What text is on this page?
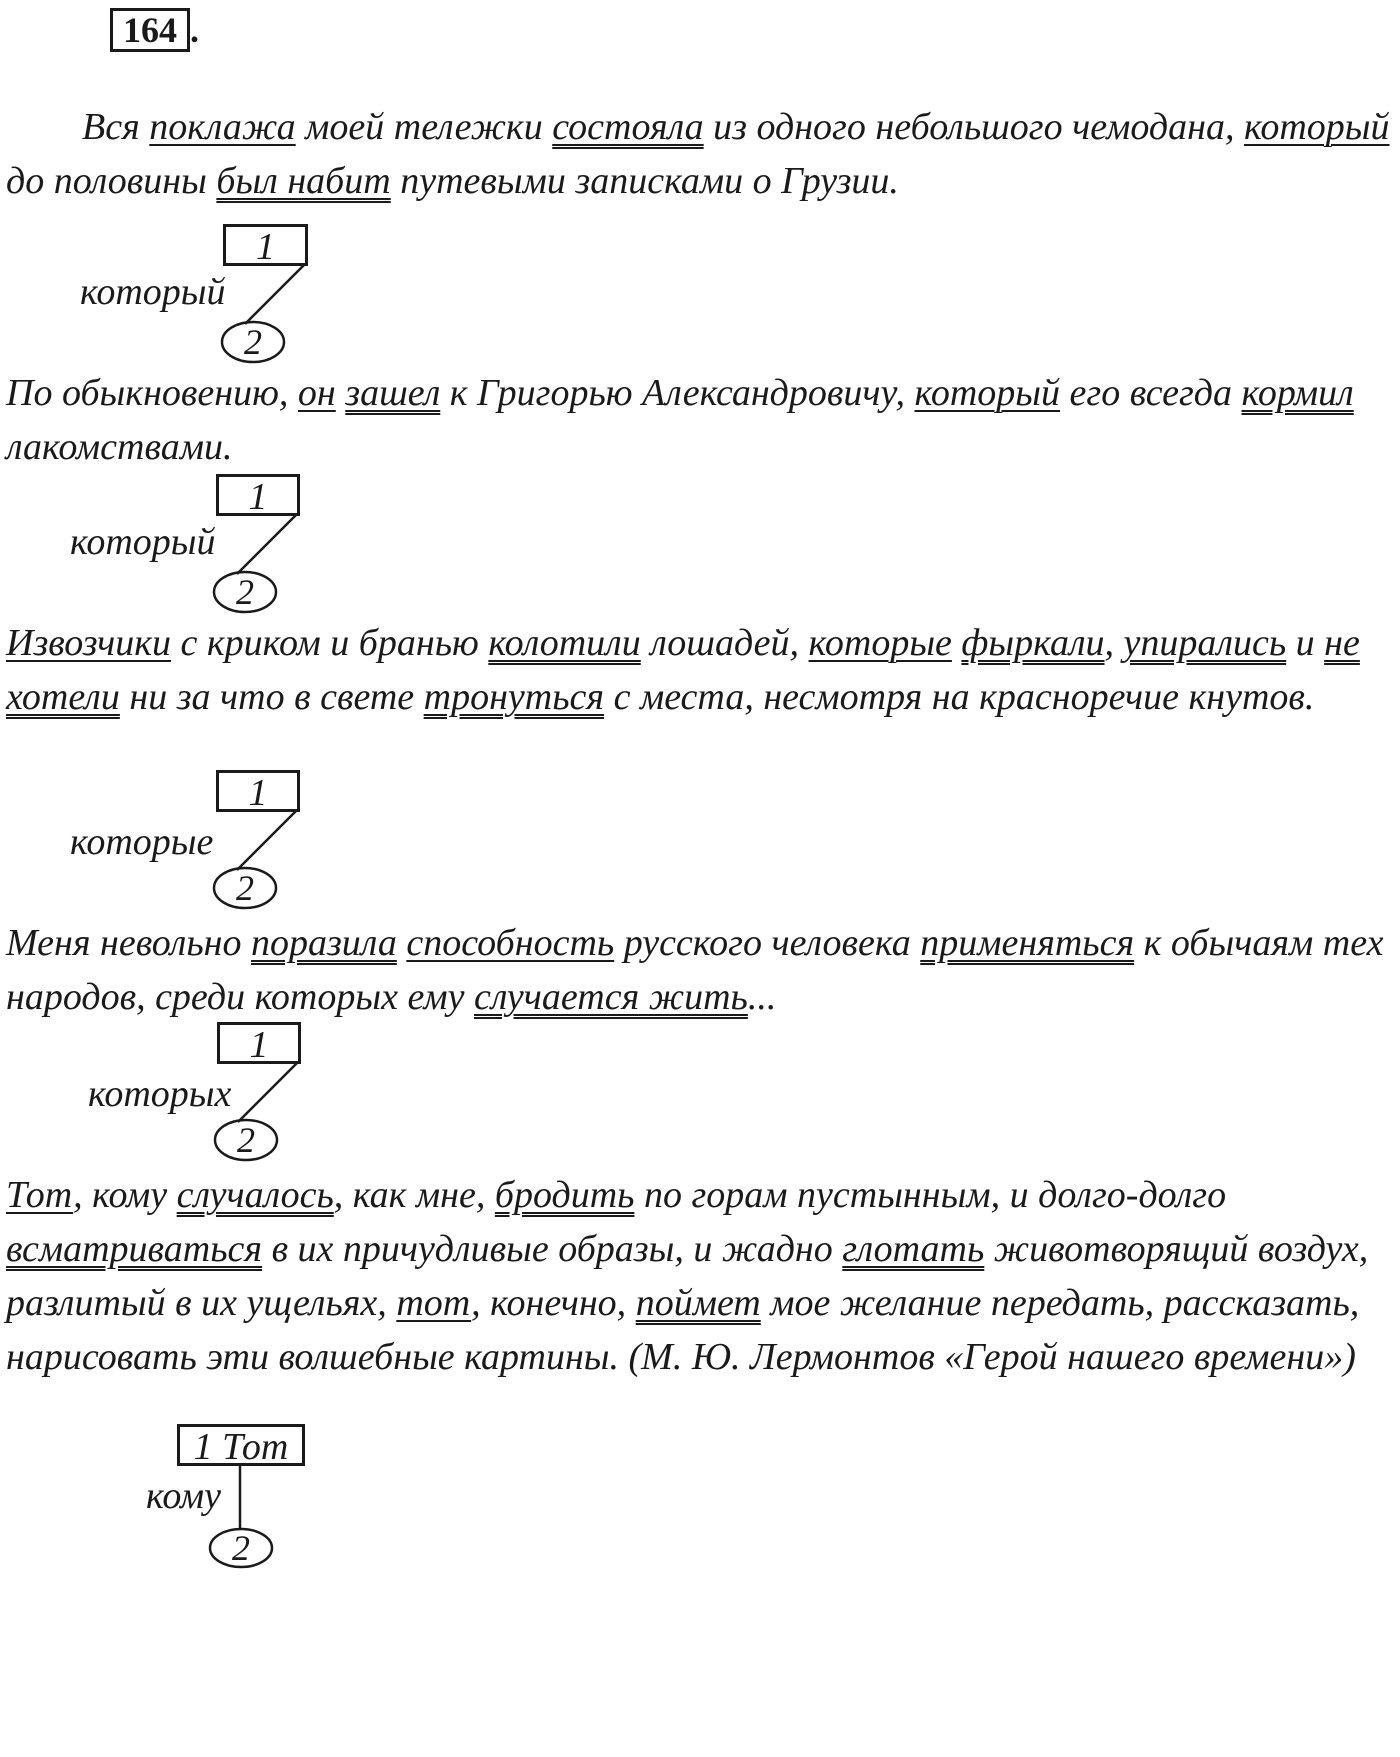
164 .

Вся поклажа моей тележки состояла из одного небольшого чемодана, который до половины был набит путевыми записками о Грузии.

1
который
2

По обыкновению, он зашел к Григорью Александровичу, который его всегда кормил лакомствами.

1
который
2

Извозчики с криком и бранью колотили лошадей, которые фыркали, упирались и не хотели ни за что в свете тронуться с места, несмотря на красноречие кнутов.

1
которые
2

Меня невольно поразила способность русского человека применяться к обычаям тех народов, среди которых ему случается жить...

1
которых
2

Тот, кому случалось, как мне, бродить по горам пустынным, и долго-долго всматриваться в их причудливые образы, и жадно глотать животворящий воздух, разлитый в их ущельях, тот, конечно, поймет мое желание передать, рассказать, нарисовать эти волшебные картины. (М. Ю. Лермонтов «Герой нашего времени»)

1 Тот
кому
2
